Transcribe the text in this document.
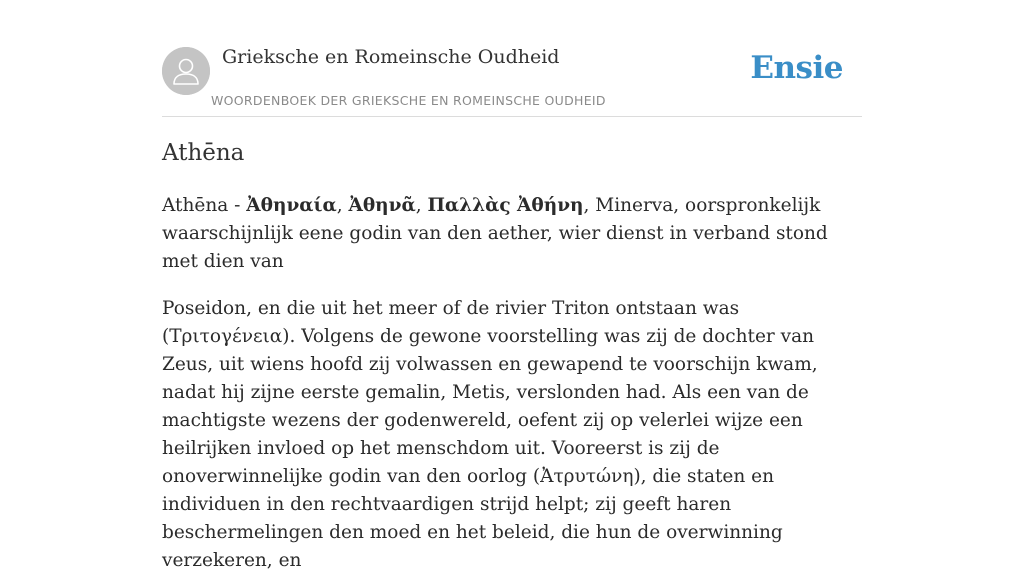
Grieksche en Romeinsche Oudheid
WOORDENBOEK DER GRIEKSCHE EN ROMEINSCHE OUDHEID
Ensie
Athēna

Athēna - Ἀθηναία, Ἀθηνᾶ, Παλλὰς Ἀθήνη, Minerva, oorspronkelijk waarschijnlijk eene godin van den aether, wier dienst in verband stond met dien van

Poseidon, en die uit het meer of de rivier Triton ontstaan was (Τριτογένεια). Volgens de gewone voorstelling was zij de dochter van Zeus, uit wiens hoofd zij volwassen en gewapend te voorschijn kwam, nadat hij zijne eerste gemalin, Metis, verslonden had. Als een van de machtigste wezens der godenwereld, oefent zij op velerlei wijze een heilrijken invloed op het menschdom uit. Vooreerst is zij de onoverwinnelijke godin van den oorlog (Ἀτρυτώνη), die staten en individuen in den rechtvaardigen strijd helpt; zij geeft haren beschermelingen den moed en het beleid, die hun de overwinning verzekeren, en
